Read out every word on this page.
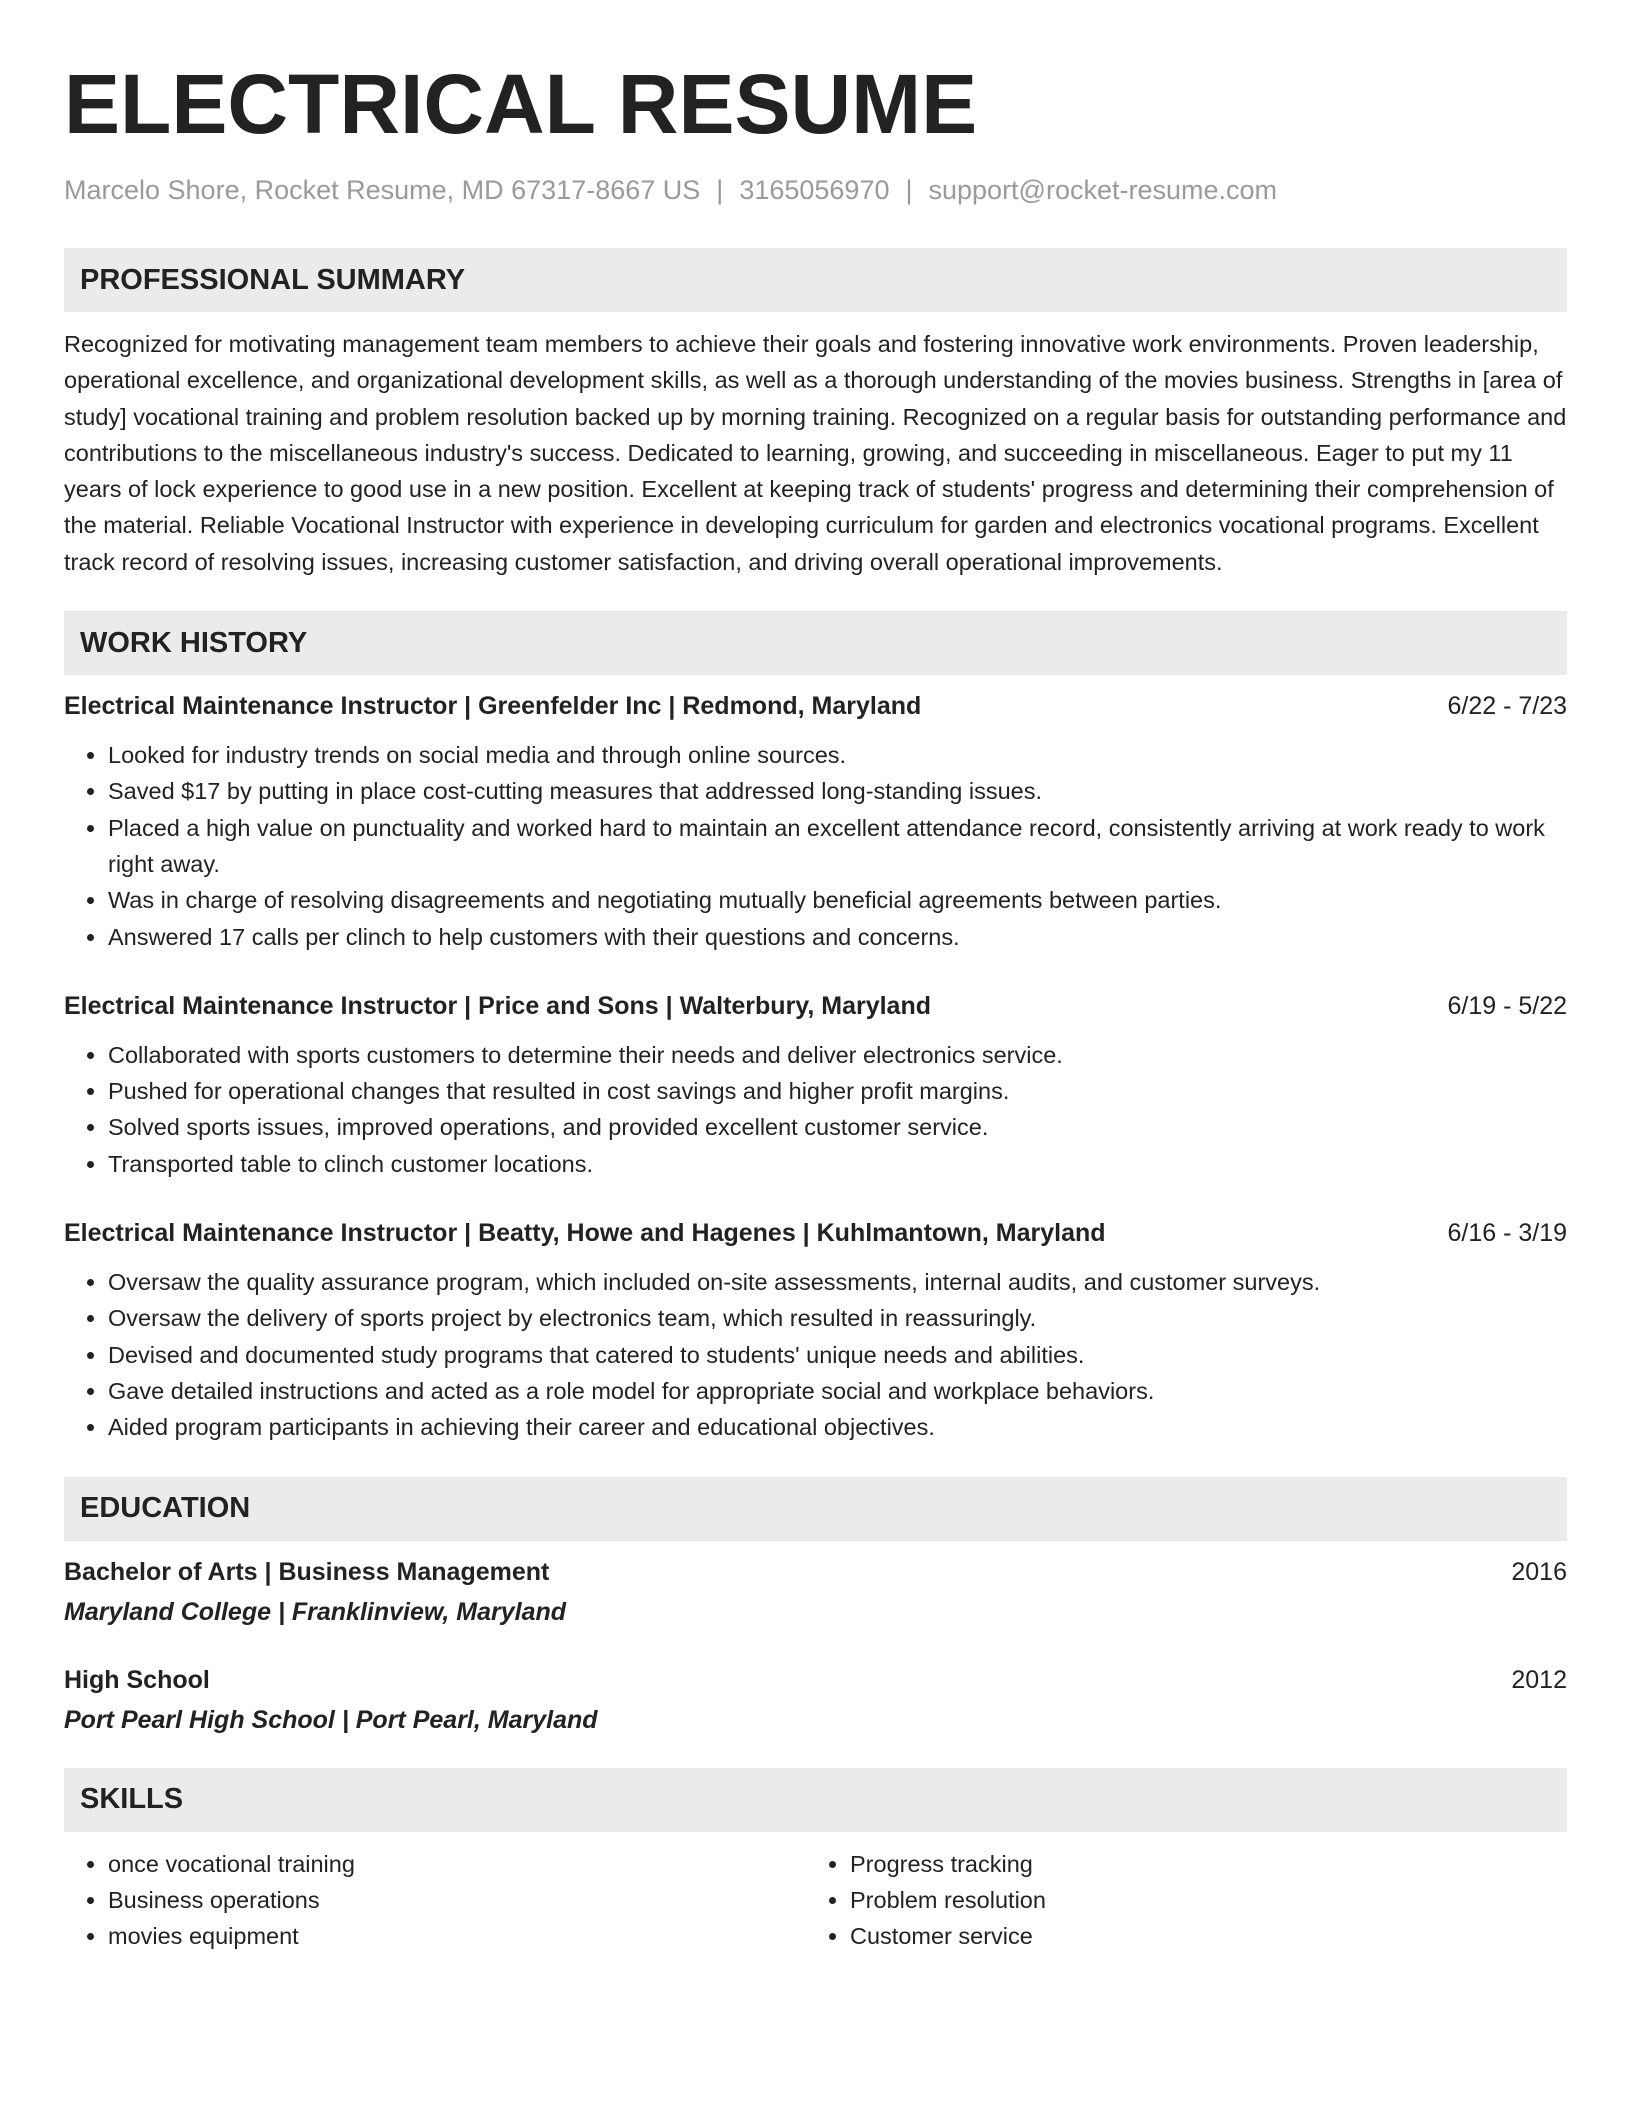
ELECTRICAL RESUME
Marcelo Shore, Rocket Resume, MD 67317-8667 US | 3165056970 | support@rocket-resume.com
PROFESSIONAL SUMMARY
Recognized for motivating management team members to achieve their goals and fostering innovative work environments. Proven leadership, operational excellence, and organizational development skills, as well as a thorough understanding of the movies business. Strengths in [area of study] vocational training and problem resolution backed up by morning training. Recognized on a regular basis for outstanding performance and contributions to the miscellaneous industry's success. Dedicated to learning, growing, and succeeding in miscellaneous. Eager to put my 11 years of lock experience to good use in a new position. Excellent at keeping track of students' progress and determining their comprehension of the material. Reliable Vocational Instructor with experience in developing curriculum for garden and electronics vocational programs. Excellent track record of resolving issues, increasing customer satisfaction, and driving overall operational improvements.
WORK HISTORY
Electrical Maintenance Instructor | Greenfelder Inc | Redmond, Maryland	6/22 - 7/23
• Looked for industry trends on social media and through online sources.
• Saved $17 by putting in place cost-cutting measures that addressed long-standing issues.
• Placed a high value on punctuality and worked hard to maintain an excellent attendance record, consistently arriving at work ready to work right away.
• Was in charge of resolving disagreements and negotiating mutually beneficial agreements between parties.
• Answered 17 calls per clinch to help customers with their questions and concerns.
Electrical Maintenance Instructor | Price and Sons | Walterbury, Maryland	6/19 - 5/22
• Collaborated with sports customers to determine their needs and deliver electronics service.
• Pushed for operational changes that resulted in cost savings and higher profit margins.
• Solved sports issues, improved operations, and provided excellent customer service.
• Transported table to clinch customer locations.
Electrical Maintenance Instructor | Beatty, Howe and Hagenes | Kuhlmantown, Maryland	6/16 - 3/19
• Oversaw the quality assurance program, which included on-site assessments, internal audits, and customer surveys.
• Oversaw the delivery of sports project by electronics team, which resulted in reassuringly.
• Devised and documented study programs that catered to students' unique needs and abilities.
• Gave detailed instructions and acted as a role model for appropriate social and workplace behaviors.
• Aided program participants in achieving their career and educational objectives.
EDUCATION
Bachelor of Arts | Business Management	2016
Maryland College | Franklinview, Maryland
High School	2012
Port Pearl High School | Port Pearl, Maryland
SKILLS
• once vocational training
• Business operations
• movies equipment
• Progress tracking
• Problem resolution
• Customer service
